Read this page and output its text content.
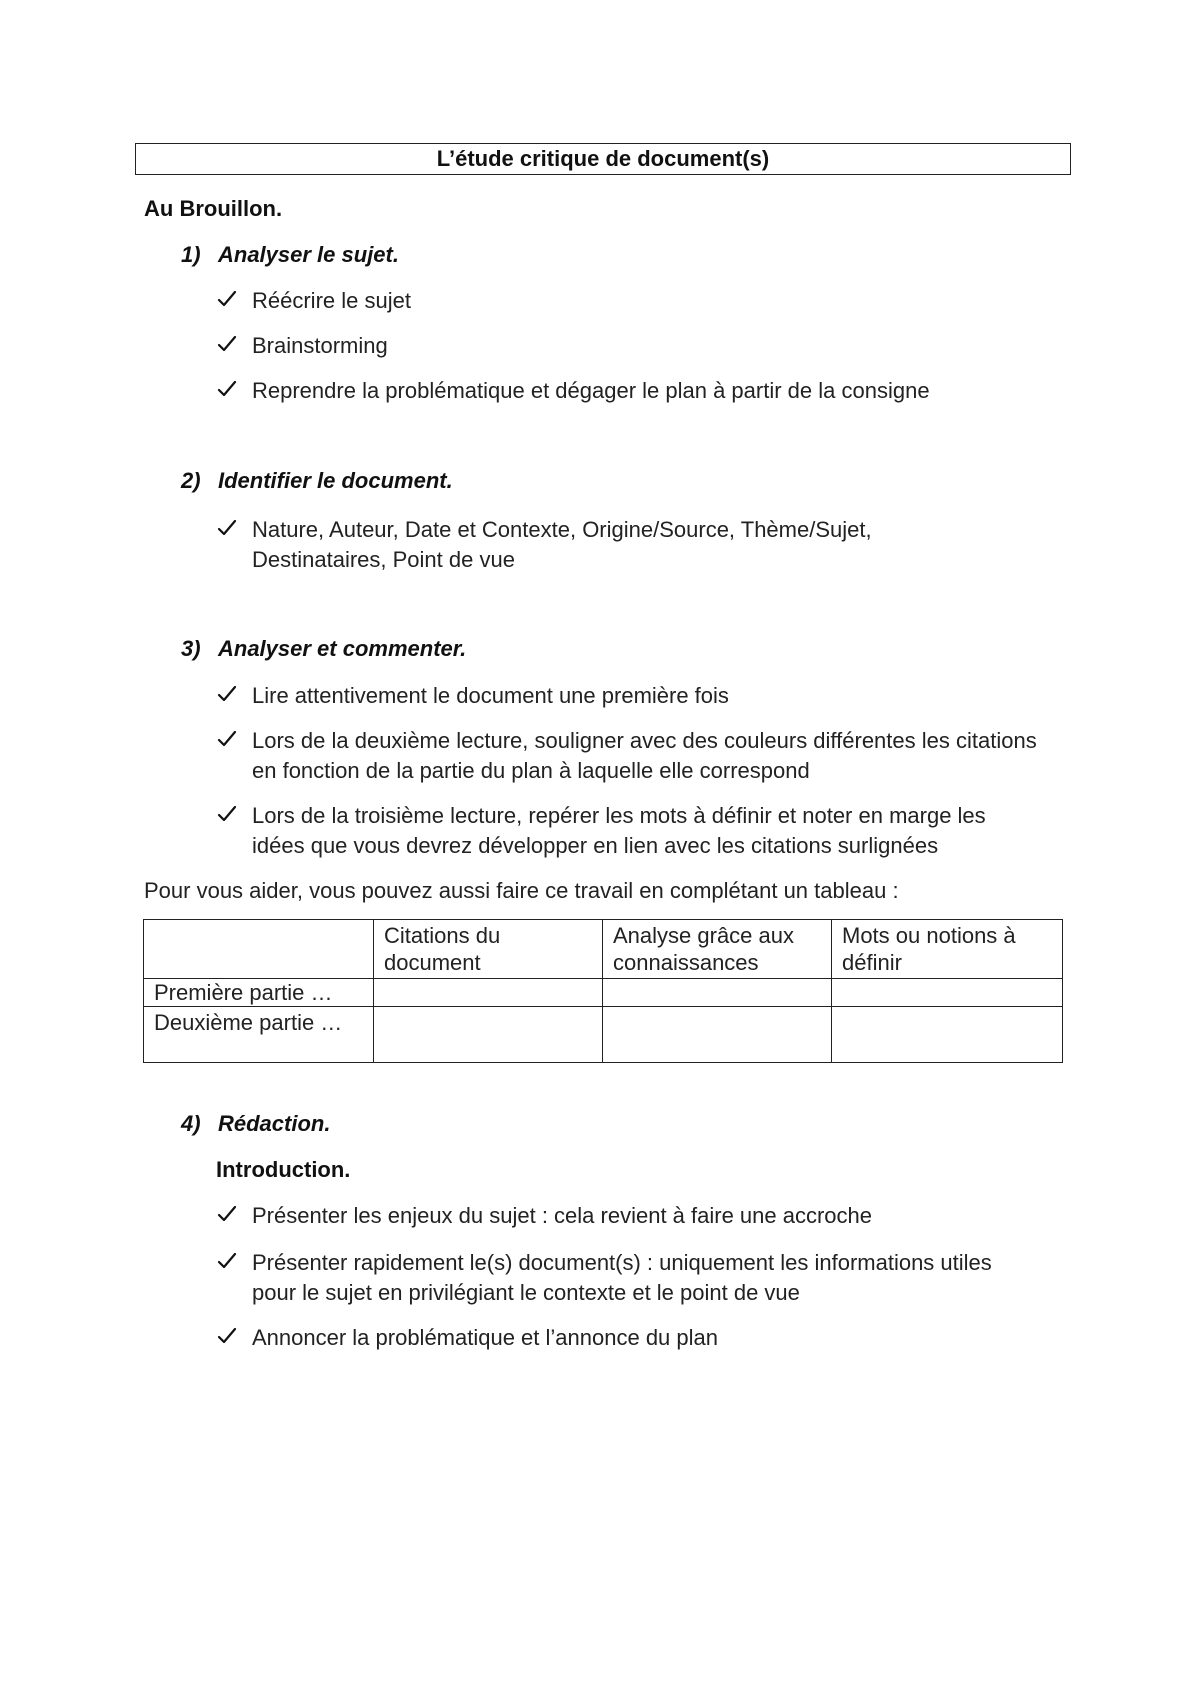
L’étude critique de document(s)
Au Brouillon.
1) Analyser le sujet.
Réécrire le sujet
Brainstorming
Reprendre la problématique et dégager le plan à partir de la consigne
2) Identifier le document.
Nature, Auteur, Date et Contexte, Origine/Source, Thème/Sujet, Destinataires, Point de vue
3) Analyser et commenter.
Lire attentivement le document une première fois
Lors de la deuxième lecture, souligner avec des couleurs différentes les citations en fonction de la partie du plan à laquelle elle correspond
Lors de la troisième lecture, repérer les mots à définir et noter en marge les idées que vous devrez développer en lien avec les citations surlignées
Pour vous aider, vous pouvez aussi faire ce travail en complétant un tableau :
	Citations du document	Analyse grâce aux connaissances	Mots ou notions à définir
Première partie …			
Deuxième partie …			
4) Rédaction.
Introduction.
Présenter les enjeux du sujet : cela revient à faire une accroche
Présenter rapidement le(s) document(s) : uniquement les informations utiles pour le sujet en privilégiant le contexte et le point de vue
Annoncer la problématique et l’annonce du plan
